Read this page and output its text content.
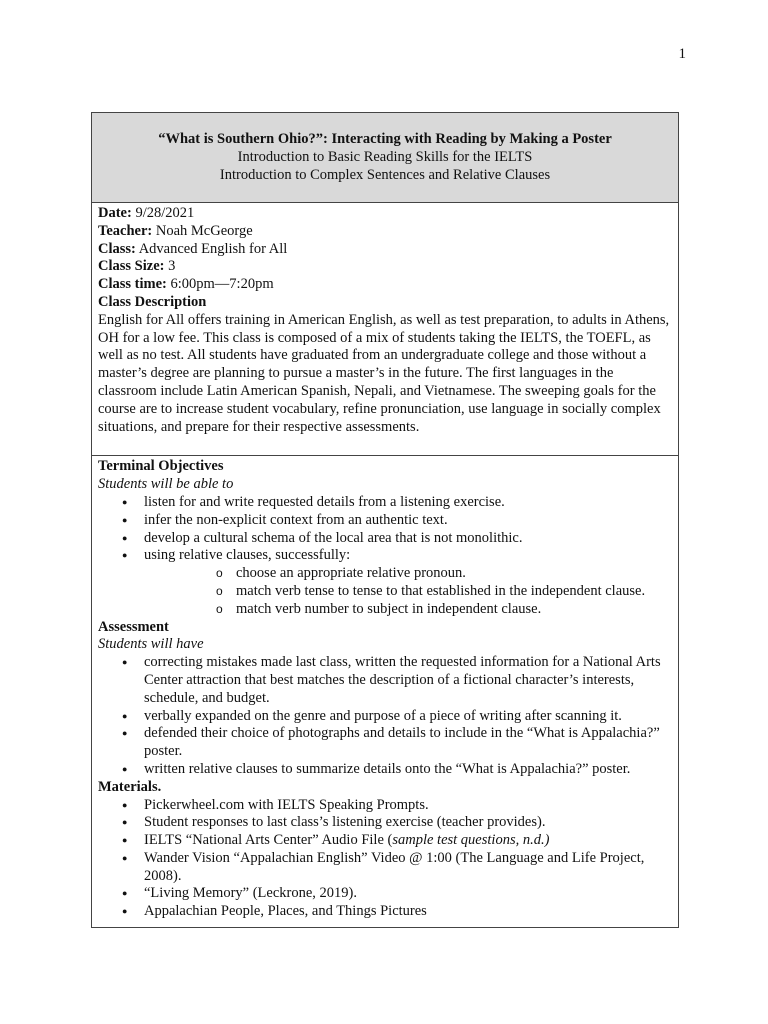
1
“What is Southern Ohio?”: Interacting with Reading by Making a Poster
Introduction to Basic Reading Skills for the IELTS
Introduction to Complex Sentences and Relative Clauses
Date: 9/28/2021
Teacher: Noah McGeorge
Class: Advanced English for All
Class Size: 3
Class time: 6:00pm—7:20pm
Class Description

English for All offers training in American English, as well as test preparation, to adults in Athens, OH for a low fee. This class is composed of a mix of students taking the IELTS, the TOEFL, as well as no test. All students have graduated from an undergraduate college and those without a master’s degree are planning to pursue a master’s in the future. The first languages in the classroom include Latin American Spanish, Nepali, and Vietnamese. The sweeping goals for the course are to increase student vocabulary, refine pronunciation, use language in socially complex situations, and prepare for their respective assessments.

Terminal Objectives
Students will be able to
● listen for and write requested details from a listening exercise.
● infer the non-explicit context from an authentic text.
● develop a cultural schema of the local area that is not monolithic.
● using relative clauses, successfully:
o choose an appropriate relative pronoun.
o match verb tense to tense to that established in the independent clause.
o match verb number to subject in independent clause.
Assessment
Students will have
● correcting mistakes made last class, written the requested information for a National Arts Center attraction that best matches the description of a fictional character’s interests, schedule, and budget.
● verbally expanded on the genre and purpose of a piece of writing after scanning it.
● defended their choice of photographs and details to include in the “What is Appalachia?” poster.
● written relative clauses to summarize details onto the “What is Appalachia?” poster.
Materials.
● Pickerwheel.com with IELTS Speaking Prompts.
● Student responses to last class’s listening exercise (teacher provides).
● IELTS “National Arts Center” Audio File (sample test questions, n.d.)
● Wander Vision “Appalachian English” Video @ 1:00 (The Language and Life Project, 2008).
● “Living Memory” (Leckrone, 2019).
● Appalachian People, Places, and Things Pictures
